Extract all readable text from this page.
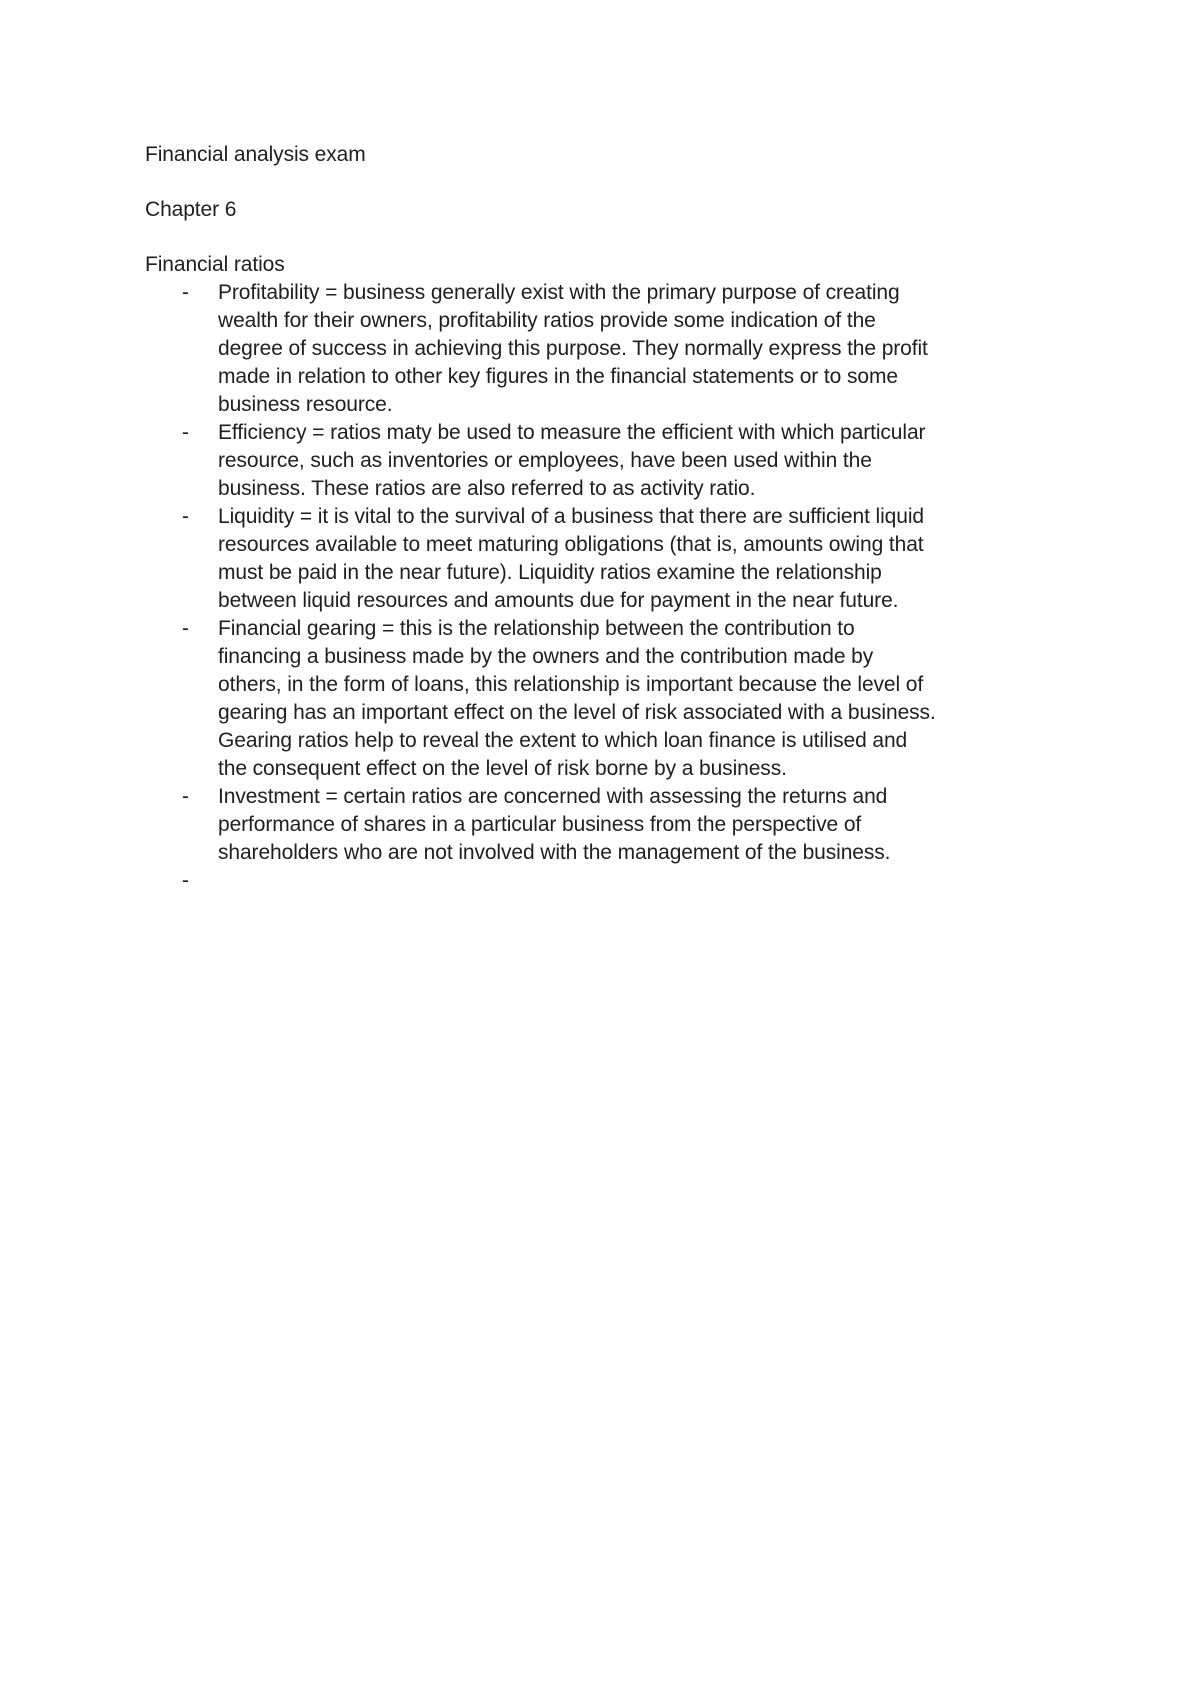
Financial analysis exam
Chapter 6
Financial ratios
- Profitability = business generally exist with the primary purpose of creating
wealth for their owners, profitability ratios provide some indication of the
degree of success in achieving this purpose. They normally express the profit
made in relation to other key figures in the financial statements or to some
business resource.
- Efficiency = ratios maty be used to measure the efficient with which particular
resource, such as inventories or employees, have been used within the
business. These ratios are also referred to as activity ratio.
- Liquidity = it is vital to the survival of a business that there are sufficient liquid
resources available to meet maturing obligations (that is, amounts owing that
must be paid in the near future). Liquidity ratios examine the relationship
between liquid resources and amounts due for payment in the near future.
- Financial gearing = this is the relationship between the contribution to
financing a business made by the owners and the contribution made by
others, in the form of loans, this relationship is important because the level of
gearing has an important effect on the level of risk associated with a business.
Gearing ratios help to reveal the extent to which loan finance is utilised and
the consequent effect on the level of risk borne by a business.
- Investment = certain ratios are concerned with assessing the returns and
performance of shares in a particular business from the perspective of
shareholders who are not involved with the management of the business.
-
